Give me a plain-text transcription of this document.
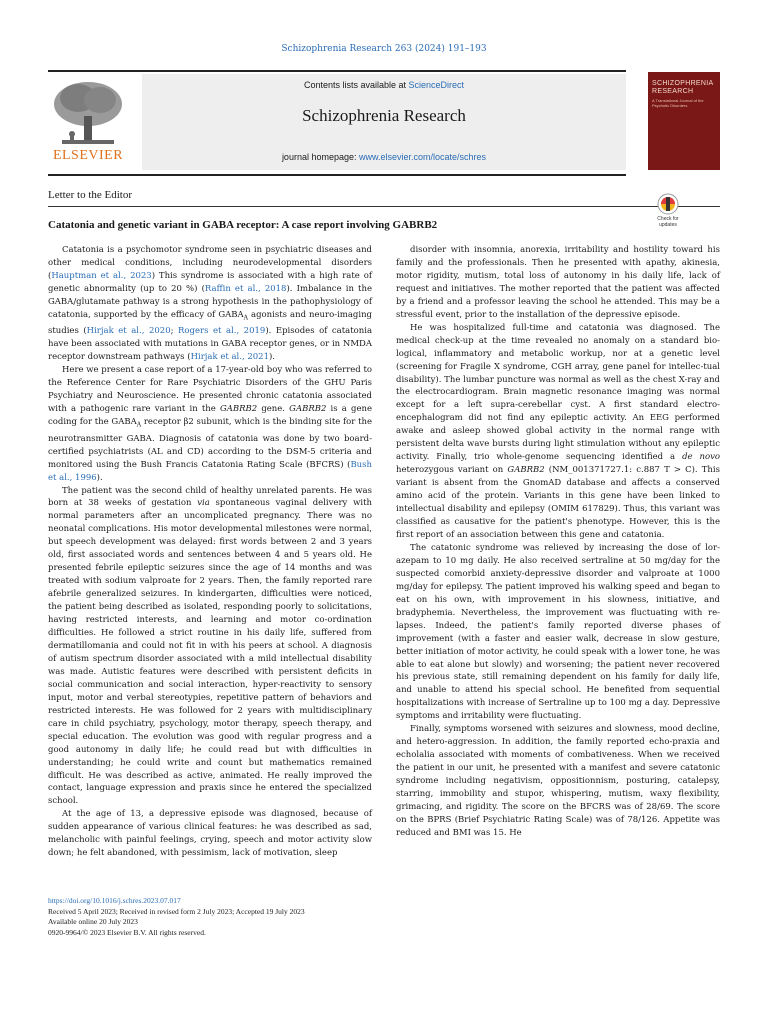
Schizophrenia Research 263 (2024) 191–193
ELSEVIER
Contents lists available at ScienceDirect
Schizophrenia Research
journal homepage: www.elsevier.com/locate/schres
SCHIZOPHRENIA RESEARCH
A Translational Journal of the Psychotic Disorders
Letter to the Editor
Catatonia and genetic variant in GABA receptor: A case report involving GABRB2	Check for updates

Catatonia is a psychomotor syndrome seen in psychiatric diseases and other medical conditions, including neurodevelopmental disorders (Hauptman et al., 2023) This syndrome is associated with a high rate of genetic abnormality (up to 20 %) (Raffin et al., 2018). Imbalance in the GABA/glutamate pathway is a strong hypothesis in the pathophysiology of catatonia, supported by the efficacy of $GABA_A$ agonists and neuro-imaging studies (Hirjak et al., 2020; Rogers et al., 2019). Episodes of catatonia have been associated with mutations in GABA receptor genes, or in NMDA receptor downstream pathways (Hirjak et al., 2021).

Here we present a case report of a 17-year-old boy who was referred to the Reference Center for Rare Psychiatric Disorders of the GHU Paris Psychiatry and Neuroscience. He presented chronic catatonia associated with a pathogenic rare variant in the GABRB2 gene. GABRB2 is a gene coding for the $GABA_A$ receptor β2 subunit, which is the binding site for the neurotransmitter GABA. Diagnosis of catatonia was done by two board-certified psychiatrists (AL and CD) according to the DSM-5 criteria and monitored using the Bush Francis Catatonia Rating Scale (BFCRS) (Bush et al., 1996).

The patient was the second child of healthy unrelated parents. He was born at 38 weeks of gestation via spontaneous vaginal delivery with normal parameters after an uncomplicated pregnancy. There was no neonatal complications. His motor developmental milestones were normal, but speech development was delayed: first words between 2 and 3 years old, first associated words and sentences between 4 and 5 years old. He presented febrile epileptic seizures since the age of 14 months and was treated with sodium valproate for 2 years. Then, the family reported rare afebrile generalized seizures. In kindergarten, difficulties were noticed, the patient being described as isolated, responding poorly to solicitations, having restricted interests, and learning and motor co-ordination difficulties. He followed a strict routine in his daily life, suffered from dermatillomania and could not fit in with his peers at school. A diagnosis of autism spectrum disorder associated with a mild intellectual disability was made. Autistic features were described with persistent deficits in social communication and social interaction, hyper-reactivity to sensory input, motor and verbal stereotypies, repetitive pattern of behaviors and restricted interests. He was followed for 2 years with multidisciplinary care in child psychiatry, psychology, motor therapy, speech therapy, and special education. The evolution was good with regular progress and a good autonomy in daily life; he could read but with difficulties in understanding; he could write and count but mathematics remained difficult. He was described as active, animated. He really improved the contact, language expression and praxis since he entered the specialized school.

At the age of 13, a depressive episode was diagnosed, because of sudden appearance of various clinical features: he was described as sad, melancholic with painful feelings, crying, speech and motor activity slow down; he felt abandoned, with pessimism, lack of motivation, sleep

disorder with insomnia, anorexia, irritability and hostility toward his family and the professionals. Then he presented with apathy, akinesia, motor rigidity, mutism, total loss of autonomy in his daily life, lack of request and initiatives. The mother reported that the patient was affected by a friend and a professor leaving the school he attended. This may be a stressful event, prior to the installation of the depressive episode.

He was hospitalized full-time and catatonia was diagnosed. The medical check-up at the time revealed no anomaly on a standard bio-logical, inflammatory and metabolic workup, nor at a genetic level (screening for Fragile X syndrome, CGH array, gene panel for intellec-tual disability). The lumbar puncture was normal as well as the chest X-ray and the electrocardiogram. Brain magnetic resonance imaging was normal except for a left supra-cerebellar cyst. A first standard electro-encephalogram did not find any epileptic activity. An EEG performed awake and asleep showed global activity in the normal range with persistent delta wave bursts during light stimulation without any epileptic activity. Finally, trio whole-genome sequencing identified a de novo heterozygous variant on GABRB2 (NM_001371727.1: c.887 T > C). This variant is absent from the GnomAD database and affects a conserved amino acid of the protein. Variants in this gene have been linked to intellectual disability and epilepsy (OMIM 617829). Thus, this variant was classified as causative for the patient's phenotype. However, this is the first report of an association between this gene and catatonia.

The catatonic syndrome was relieved by increasing the dose of lor-azepam to 10 mg daily. He also received sertraline at 50 mg/day for the suspected comorbid anxiety-depressive disorder and valproate at 1000 mg/day for epilepsy. The patient improved his walking speed and began to eat on his own, with improvement in his slowness, initiative, and bradyphemia. Nevertheless, the improvement was fluctuating with re-lapses. Indeed, the patient's family reported diverse phases of improvement (with a faster and easier walk, decrease in slow gesture, better initiation of motor activity, he could speak with a lower tone, he was able to eat alone but slowly) and worsening; the patient never recovered his previous state, still remaining dependent on his family for daily life, and unable to attend his special school. He benefited from sequential hospitalizations with increase of Sertraline up to 100 mg a day. Depressive symptoms and irritability were fluctuating.

Finally, symptoms worsened with seizures and slowness, mood decline, and hetero-aggression. In addition, the family reported echo-praxia and echolalia associated with moments of combativeness. When we received the patient in our unit, he presented with a manifest and severe catatonic syndrome including negativism, oppositionnism, posturing, catalepsy, starring, immobility and stupor, whispering, mutism, waxy flexibility, grimacing, and rigidity. The score on the BFCRS was of 28/69. The score on the BPRS (Brief Psychiatric Rating Scale) was of 78/126. Appetite was reduced and BMI was 15. He

https://doi.org/10.1016/j.schres.2023.07.017
Received 5 April 2023; Received in revised form 2 July 2023; Accepted 19 July 2023
Available online 20 July 2023
0920-9964/© 2023 Elsevier B.V. All rights reserved.
